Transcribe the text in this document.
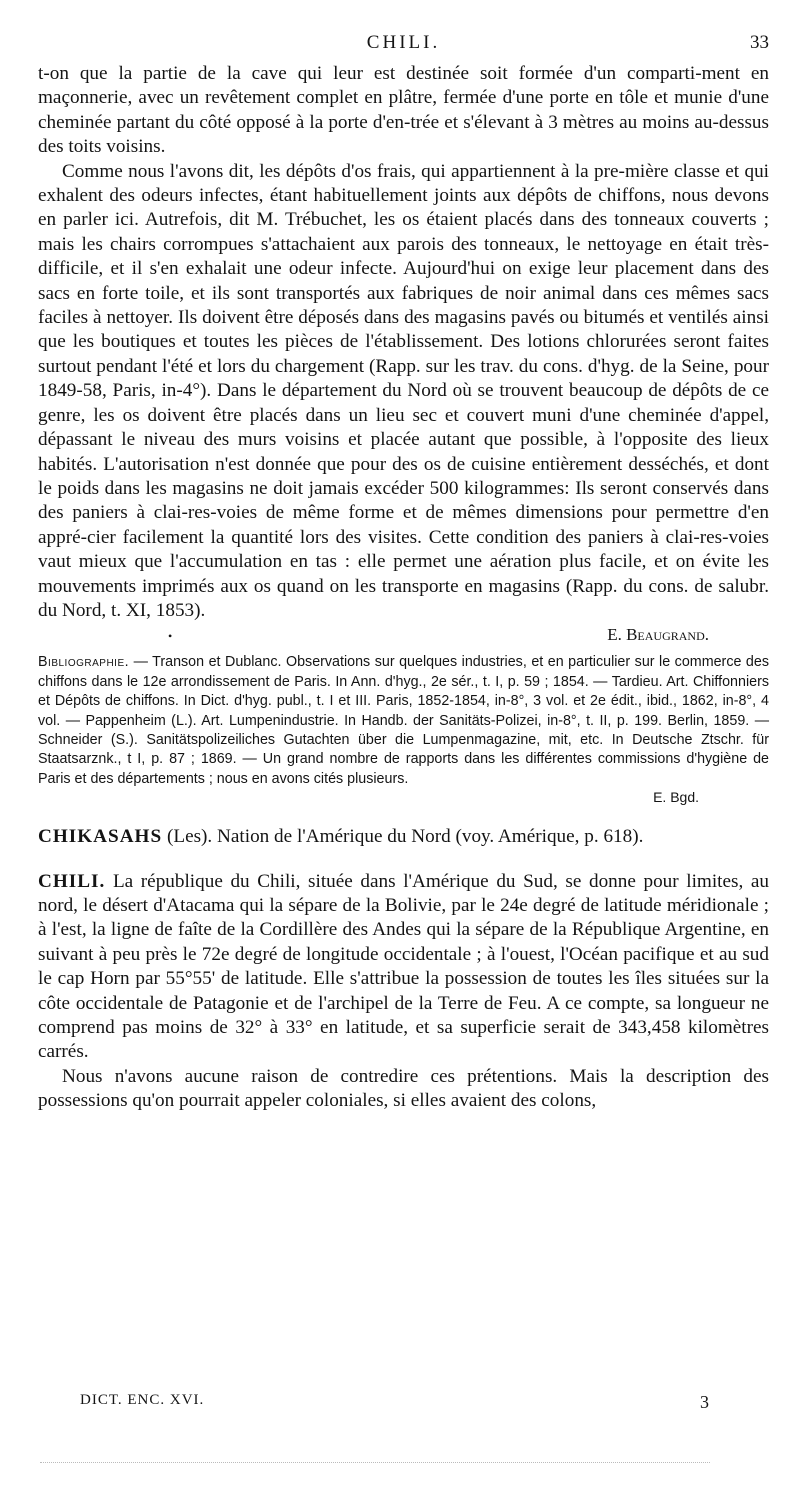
CHILI.	33

t-on que la partie de la cave qui leur est destinée soit formée d'un comparti-ment en maçonnerie, avec un revêtement complet en plâtre, fermée d'une porte en tôle et munie d'une cheminée partant du côté opposé à la porte d'en-trée et s'élevant à 3 mètres au moins au-dessus des toits voisins.

Comme nous l'avons dit, les dépôts d'os frais, qui appartiennent à la pre-mière classe et qui exhalent des odeurs infectes, étant habituellement joints aux dépôts de chiffons, nous devons en parler ici. Autrefois, dit M. Trébuchet, les os étaient placés dans des tonneaux couverts ; mais les chairs corrompues s'attachaient aux parois des tonneaux, le nettoyage en était très-difficile, et il s'en exhalait une odeur infecte. Aujourd'hui on exige leur placement dans des sacs en forte toile, et ils sont transportés aux fabriques de noir animal dans ces mêmes sacs faciles à nettoyer. Ils doivent être déposés dans des magasins pavés ou bitumés et ventilés ainsi que les boutiques et toutes les pièces de l'établissement. Des lotions chlorurées seront faites surtout pendant l'été et lors du chargement (Rapp. sur les trav. du cons. d'hyg. de la Seine, pour 1849-58, Paris, in-4°). Dans le département du Nord où se trouvent beaucoup de dépôts de ce genre, les os doivent être placés dans un lieu sec et couvert muni d'une cheminée d'appel, dépassant le niveau des murs voisins et placée autant que possible, à l'opposite des lieux habités. L'autorisation n'est donnée que pour des os de cuisine entièrement desséchés, et dont le poids dans les magasins ne doit jamais excéder 500 kilogrammes: Ils seront conservés dans des paniers à clai-res-voies de même forme et de mêmes dimensions pour permettre d'en appré-cier facilement la quantité lors des visites. Cette condition des paniers à clai-res-voies vaut mieux que l'accumulation en tas : elle permet une aération plus facile, et on évite les mouvements imprimés aux os quand on les transporte en magasins (Rapp. du cons. de salubr. du Nord, t. XI, 1853).

•	E. Beaugrand.
Bibliographie. — Transon et Dublanc. Observations sur quelques industries, et en particulier sur le commerce des chiffons dans le 12e arrondissement de Paris. In Ann. d'hyg., 2e sér., t. I, p. 59 ; 1854. — Tardieu. Art. Chiffonniers et Dépôts de chiffons. In Dict. d'hyg. publ., t. I et III. Paris, 1852-1854, in-8°, 3 vol. et 2e édit., ibid., 1862, in-8°, 4 vol. — Pappenheim (L.). Art. Lumpenindustrie. In Handb. der Sanitäts-Polizei, in-8°, t. II, p. 199. Berlin, 1859. — Schneider (S.). Sanitätspolizeiliches Gutachten über die Lumpenmagazine, mit, etc. In Deutsche Ztschr. für Staatsarznk., t I, p. 87 ; 1869. — Un grand nombre de rapports dans les différentes commissions d'hygiène de Paris et des départements ; nous en avons cités plusieurs.
E. Bgd.

CHIKASAHS (Les). Nation de l'Amérique du Nord (voy. Amérique, p. 618).

CHILI. La république du Chili, située dans l'Amérique du Sud, se donne pour limites, au nord, le désert d'Atacama qui la sépare de la Bolivie, par le 24e degré de latitude méridionale ; à l'est, la ligne de faîte de la Cordillère des Andes qui la sépare de la République Argentine, en suivant à peu près le 72e degré de longitude occidentale ; à l'ouest, l'Océan pacifique et au sud le cap Horn par 55°55' de latitude. Elle s'attribue la possession de toutes les îles situées sur la côte occidentale de Patagonie et de l'archipel de la Terre de Feu. A ce compte, sa longueur ne comprend pas moins de 32° à 33° en latitude, et sa superficie serait de 343,458 kilomètres carrés.

Nous n'avons aucune raison de contredire ces prétentions. Mais la description des possessions qu'on pourrait appeler coloniales, si elles avaient des colons,

DICT. ENC. XVI.	3
